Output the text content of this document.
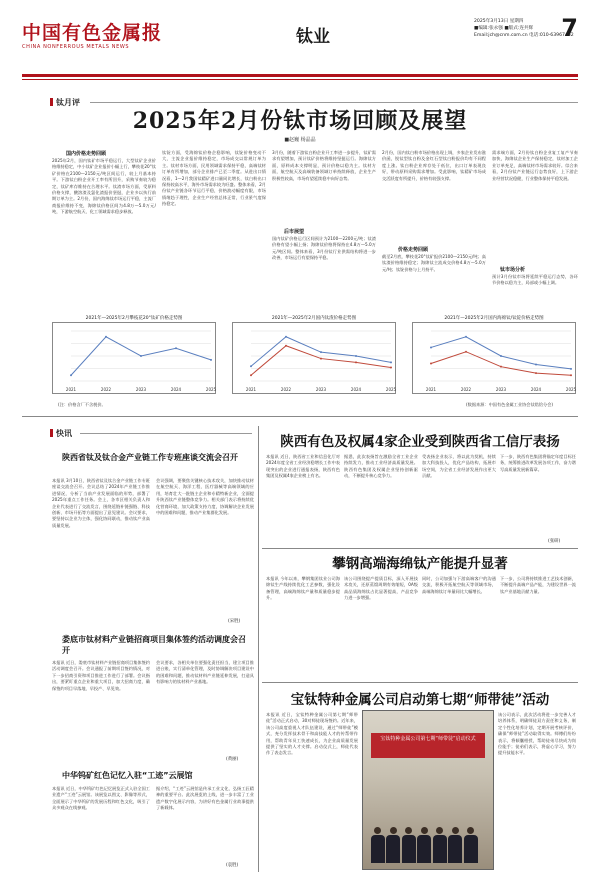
中国有色金属报
CHINA NONFERROUS METALS NEWS	钛业
2025年3月13日 星期四
■编辑:张永强 ■版式:连共辉
Email:jch@cnm.com.cn 电话:010-63967452
7
钛月评
2025年2月份钛市场回顾及展望
■赵巍 杨晶晶
国内价格走势回顾
2025年2月，国内钛矿市场平稳运行，大型钛矿企业价格维持稳定，中小钛矿企业报价小幅上行，攀枝花20°钛矿价格在2100—2150元/吨区间运行，较上月基本持平。下游钛白粉企业开工率有所回升，采购节奏较为稳定，钛矿库存维持在合理水平。钛渣市场方面，受原料价格支撑，酸溶渣及氯化渣报价坚挺，企业多以执行前期订单为主。2月份，国内海绵钛市场运行平稳，主流厂商报价维持不变，海绵钛价格区间为4.8万—5.0万元/吨，下游航空航天、化工领域需求稳步释放。
钛锭方面，受海绵钛价格企稳影响，钛锭价格变动不大，主流企业报价维持稳定，市场成交以常规订单为主。钛材市场方面，民用领域需求保持平稳，高端钛材订单有所增加，部分企业排产已至二季度。从进出口情况看，1—2月我国钛精矿进口量同比增长，钛白粉出口保持较高水平，海外市场需求较为旺盛。整体来看，2月份钛产业链各环节运行平稳，价格波动幅度有限，市场情绪趋于理性，企业生产经营总体正常，行业景气度保持稳定。
后市展望
3月份，随着下游钛白粉企业开工率进一步提升，钛矿需求有望增加，预计钛矿价格将维持坚挺运行。海绵钛方面，原料成本支撑明显，预计价格以稳为主。钛材方面，航空航天及高端装备领域订单持续释放，企业生产积极性较高，市场有望延续稳中向好态势。
国内钛矿价格运行区间预计为2100—2200元/吨；钛渣价格有望小幅上扬；海绵钛价格将保持在4.8万—5.0万元/吨区间。整体来看，3月份钛行业供需结构将进一步改善，市场运行有望保持平稳。
2月份，国内钛白粉市场价格出现上调，多家企业发布涨价函，锐钛型钛白粉及金红石型钛白粉报价均有不同程度上涨。钛白粉企业库存处于低位，出口订单表现良好，带动原料采购需求增加。受此影响，钛精矿市场成交活跃度有所提升，价格有较强支撑。
价格走势回顾
截至2月底，攀枝花20°钛矿报价2100—2150元/吨；高钛渣价格维持稳定；海绵钛主流成交价格4.8万—5.0万元/吨；钛锭价格与上月持平。
需求端方面，2月份钛白粉企业复工复产节奏加快，海绵钛企业生产保持稳定，钛材加工企业订单充足，高端钛材市场需求较好。综合来看，2月份钛产业链运行态势良好，上下游企业经营状况稳健，行业整体保持平稳发展。
钛市场分析
预计3月份钛市场将延续平稳运行态势，各环节价格以稳为主，局部或小幅上调。
2021年—2025年2月攀枝花20°钛矿价格走势图
2021	2022	2023	2024	2025
2021年—2025年2月国内钛渣价格走势图
2021	2022	2023	2024	2025
2021年—2025年2月国内海绵钛/钛锭价格走势图
2021	2022	2023	2024	2025
(注：价格含厂不含税价。	(数据来源：中国有色金属工业协会钛锆铪分会)
快讯
陕西省钛及钛合金产业链工作专班座谈交流会召开
本报讯 3月10日，陕西省钛及钛合金产业链工作专班座谈交流会召开。会议总结了2024年产业链工作推进情况，分析了当前产业发展面临的形势，部署了2025年重点工作任务。会上，各市区相关负责人和企业代表进行了交流发言，围绕延链补链强链、科技创新、市场开拓等方面提出了意见建议。会议要求，要坚持以企业为主体，强化协同联动，推动钛产业高质量发展。
会议强调，要聚焦关键核心技术攻关，加快推动钛材在航空航天、海洋工程、医疗器械等高端领域的应用，培育壮大一批链主企业和专精特新企业，全面提升陕西钛产业链整体竞争力。相关部门表示将持续优化营商环境，加大政策支持力度，协调解决企业发展中的困难和问题，推动产业集群化发展。
(宋胜)
娄底市钛材料产业链招商项目集体签约活动调度会召开
本报讯 近日，娄底市钛材料产业链招商项目集体签约活动调度会召开。会议通报了前期项目签约情况，对下一步招商引资和项目推进工作进行了部署。会议指出，要紧盯重点企业和重大项目，加大招商力度，确保签约项目早落地、早投产、早见效。
会议要求，各相关单位要强化责任担当，建立项目推进台账，实行清单化管理，及时协调解决项目建设中的困难和问题，推动钛材料产业链延伸发展，打造具有影响力的钛材料产业基地。
(黄丽)
中华钨矿红色记忆入驻“工迹”云展馆
本报讯 近日，中华钨矿红色记忆展览正式入驻全国工业遗产“工迹”云展馆。该展览以图文、影像等形式，全面展示了中华钨矿的发展历程和红色文化，吸引了众多观众在线参观。
据介绍，“工迹”云展馆是传承工业文化、弘扬工匠精神的重要平台。此次展览的上线，进一步丰富了工业遗产数字化展示内容，为讲好有色金属行业故事提供了新载体。
(袁胜)
陕西有色及权属4家企业受到陕西省工信厅表扬
本报讯 近日，陕西省工业和信息化厅对2024年度全省工业经济稳增长工作中表现突出的企业进行通报表扬，陕西有色集团及权属4家企业榜上有名。
据悉，此次表扬旨在激励全省工业企业持续发力，推动工业经济高质量发展。陕西有色集团及权属企业坚持创新驱动，不断提升核心竞争力。
受表扬企业表示，将以此为契机，持续加大科技投入，优化产品结构，拓展市场空间，为全省工业经济发展作出更大贡献。
下一步，陕西有色集团将锚定年度目标任务，统筹推进改革发展各项工作，奋力谱写高质量发展新篇章。
(张研)
攀钢高端海绵钛产能提升显著
本报讯 今年以来，攀钢集团钛业公司海绵钛生产线持续优化工艺参数，强化设备管理，高端海绵钛产量和质量稳步提升。
该公司围绕提产提质目标，深入开展技术攻关，还原蒸馏周期有效缩短，0A级高品质海绵钛占比显著提高，产品竞争力进一步增强。
同时，公司加强与下游高端客户的沟通交流，积极开拓航空航天等领域市场，高端海绵钛订单量同比大幅增长。
下一步，公司将持续推进工艺技术创新，不断提升高端产品产能，为建设世界一流钛产业基地贡献力量。
宝钛特种金属公司启动第七期“师带徒”活动
本报讯 近日，宝钛特种金属公司第七期“师带徒”活动正式启动，30对师徒现场签约。近年来，该公司高度重视人才队伍建设，通过“师带徒”模式，充分发挥技术骨干和高技能人才的传帮带作用，帮助青年员工快速成长，为企业高质量发展提供了坚实的人才支撑。启动仪式上，师徒代表作了表态发言。
宝钛特种金属公司第七期“师带徒”启动仪式
该公司表示，此次活动将进一步完善人才培养体系，明确师徒双方责任和义务，制定个性化培养计划，定期开展考核评价，确保“师带徒”活动取得实效。师傅们纷纷表示，将倾囊相授，帮助徒弟尽快成为岗位能手；徒弟们表示，将虚心学习，努力提升技能水平。
